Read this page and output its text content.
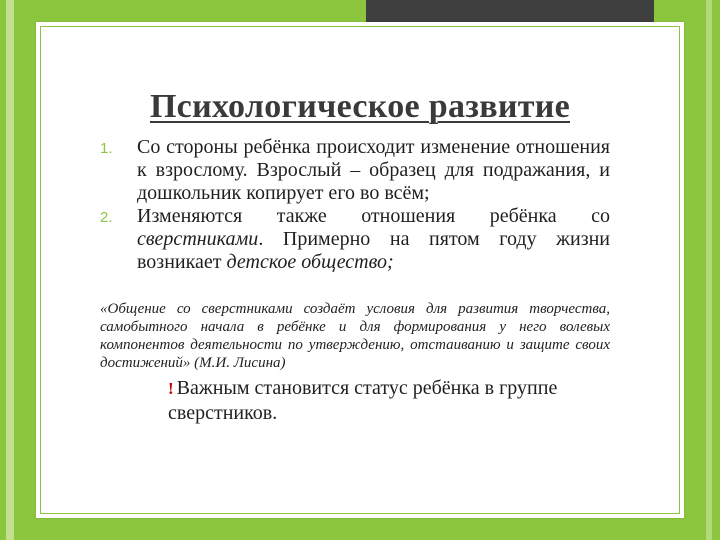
Психологическое развитие
1.	Со стороны ребёнка происходит изменение отношения к взрослому. Взрослый – образец для подражания, и дошкольник копирует его во всём;
2.	Изменяются также отношения ребёнка со сверстниками. Примерно на пятом году жизни возникает детское общество;

«Общение со сверстниками создаёт условия для развития творчества, самобытного начала в ребёнке и для формирования у него волевых компонентов деятельности по утверждению, отстаиванию и защите своих достижений» (М.И. Лисина)

! Важным становится статус ребёнка в группе сверстников.
